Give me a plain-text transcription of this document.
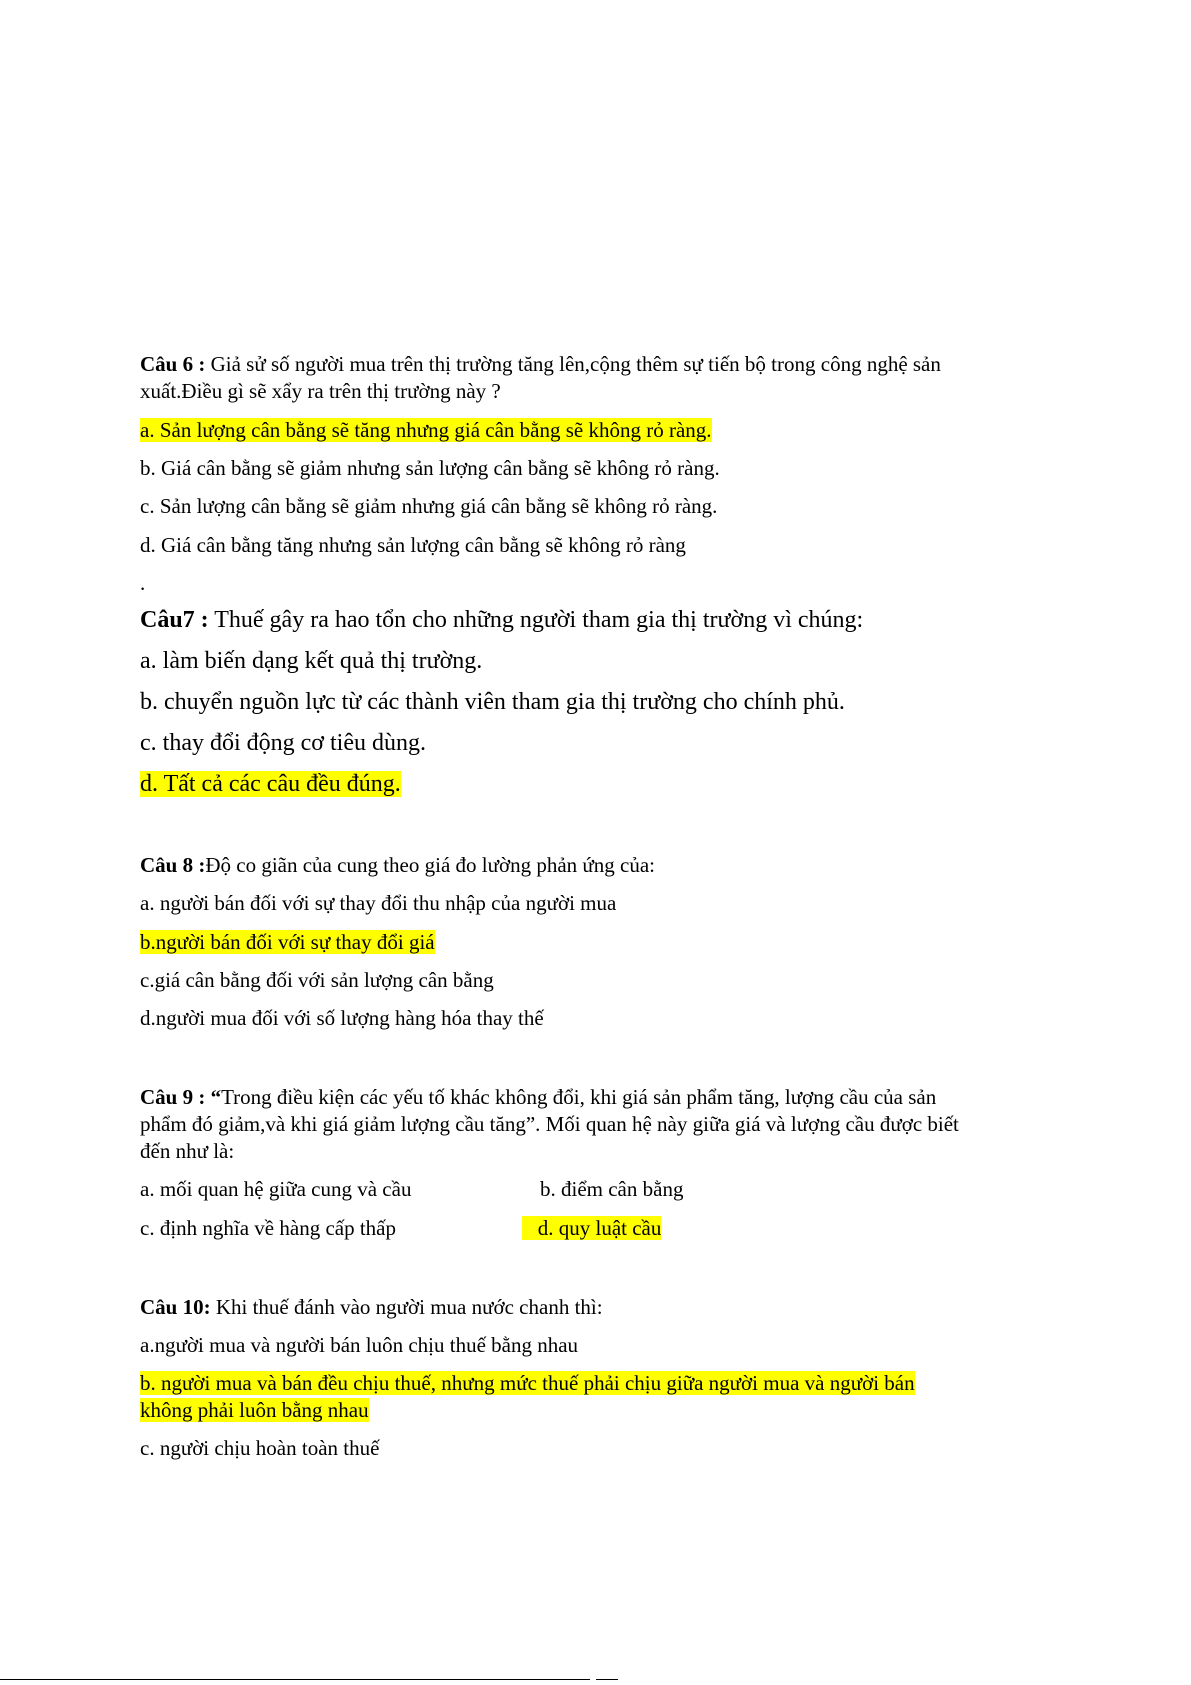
Câu 6 : Giả sử số người mua trên thị trường tăng lên,cộng thêm sự tiến bộ trong công nghệ sản
xuất.Điều gì sẽ xẩy ra trên thị trường này ?
a. Sản lượng cân bằng sẽ tăng nhưng giá cân bằng sẽ không rỏ ràng.
b. Giá cân bằng sẽ giảm nhưng sản lượng cân bằng sẽ không rỏ ràng.
c. Sản lượng cân bằng sẽ giảm nhưng giá cân bằng sẽ không rỏ ràng.
d. Giá cân bằng tăng nhưng sản lượng cân bằng sẽ không rỏ ràng
.
Câu7 : Thuế gây ra hao tổn cho những người tham gia thị trường vì chúng:
a. làm biến dạng kết quả thị trường.
b. chuyển nguồn lực từ các thành viên tham gia thị trường cho chính phủ.
c. thay đổi động cơ tiêu dùng.
d. Tất cả các câu đều đúng.
Câu 8 :Độ co giãn của cung theo giá đo lường phản ứng của:
a. người bán đối với sự thay đổi thu nhập của người mua
b.người bán đối với sự thay đổi giá
c.giá cân bằng đối với sản lượng cân bằng
d.người mua đối với số lượng hàng hóa thay thế
Câu 9 : “Trong điều kiện các yếu tố khác không đổi, khi giá sản phẩm tăng, lượng cầu của sản
phẩm đó giảm,và khi giá giảm lượng cầu tăng”. Mối quan hệ này giữa giá và lượng cầu được biết
đến như là:
a. mối quan hệ giữa cung và cầu	b. điểm cân bằng
c. định nghĩa về hàng cấp thấp	d. quy luật cầu
Câu 10: Khi thuế đánh vào người mua nước chanh thì:
a.người mua và người bán luôn chịu thuế bằng nhau
b. người mua và bán đều chịu thuế, nhưng mức thuế phải chịu giữa người mua và người bán
không phải luôn bằng nhau
c. người chịu hoàn toàn thuế
